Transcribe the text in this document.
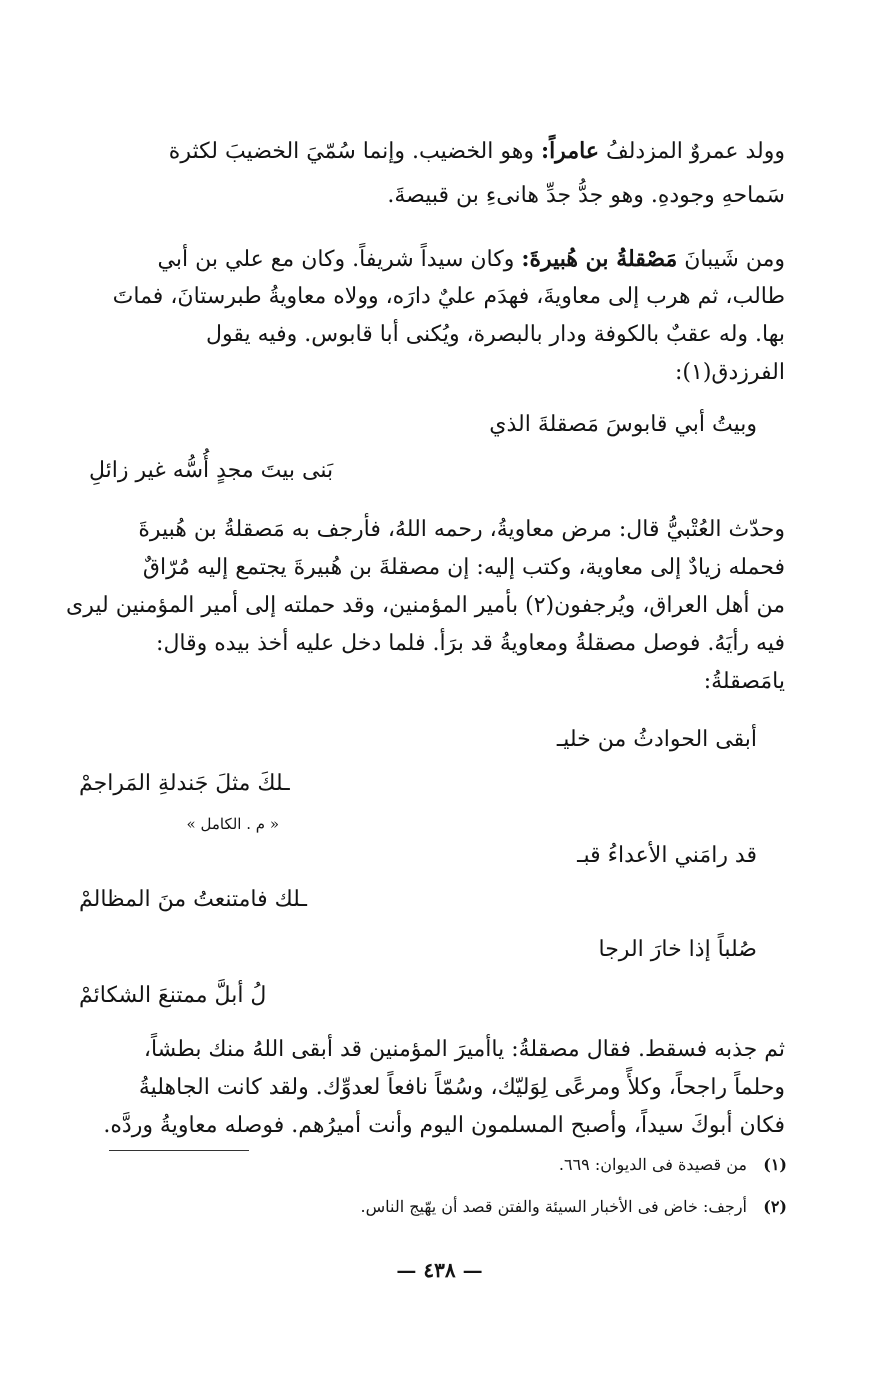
وولد عمروٌ المزدلفُ عامراً: وهو الخضيب. وإنما سُمّيَ الخضيبَ لكثرة
سَماحهِ وجودهِ. وهو جدُّ جدِّ هانىءِ بن قبيصةَ.
ومن شَيبانَ مَصْقلةُ بن هُبيرةَ: وكان سيداً شريفاً. وكان مع علي بن أبي
طالب، ثم هرب إلى معاويةَ، فهدَم عليٌ دارَه، وولاه معاويةُ طبرستانَ، فماتَ
بها. وله عقبٌ بالكوفة ودار بالبصرة، ويُكنى أبا قابوس. وفيه يقول
الفرزدق(١):
وبيتُ أبي قابوسَ مَصقلةَ الذي
بَنى بيتَ مجدٍ أُسُّه غير زائلِ
وحدّث العُتْبيُّ قال: مرض معاويةُ، رحمه اللهُ، فأرجف به مَصقلةُ بن هُبيرةَ
فحمله زيادٌ إلى معاوية، وكتب إليه: إن مصقلةَ بن هُبيرةَ يجتمع إليه مُرّاقٌ
من أهل العراق، ويُرجفون(٢) بأمير المؤمنين، وقد حملته إلى أمير المؤمنين ليرى
فيه رأيَهُ. فوصل مصقلةُ ومعاويةُ قد برَأ. فلما دخل عليه أخذ بيده وقال:
يامَصقلةُ:
أبقى الحوادثُ من خليـ
ـلكَ مثلَ جَندلةِ المَراجمْ
« م . الكامل »
قد رامَني الأعداءُ قبـ
ـلك فامتنعتُ منَ المظالمْ
صُلباً إذا خارَ الرجا
لُ أبلَّ ممتنعَ الشكائمْ
ثم جذبه فسقط. فقال مصقلةُ: ياأميرَ المؤمنين قد أبقى اللهُ منك بطشاً،
وحلماً راجحاً، وكلأً ومرعًى لِوَليّك، وسُمّاً نافعاً لعدوِّك. ولقد كانت الجاهليةُ
فكان أبوكَ سيداً، وأصبح المسلمون اليوم وأنت أميرُهم. فوصله معاويةُ وردَّه.
(١)من قصيدة فى الديوان: ٦٦٩.
(٢)أرجف: خاض فى الأخبار السيئة والفتن قصد أن يهّيج الناس.
— ٤٣٨ —
